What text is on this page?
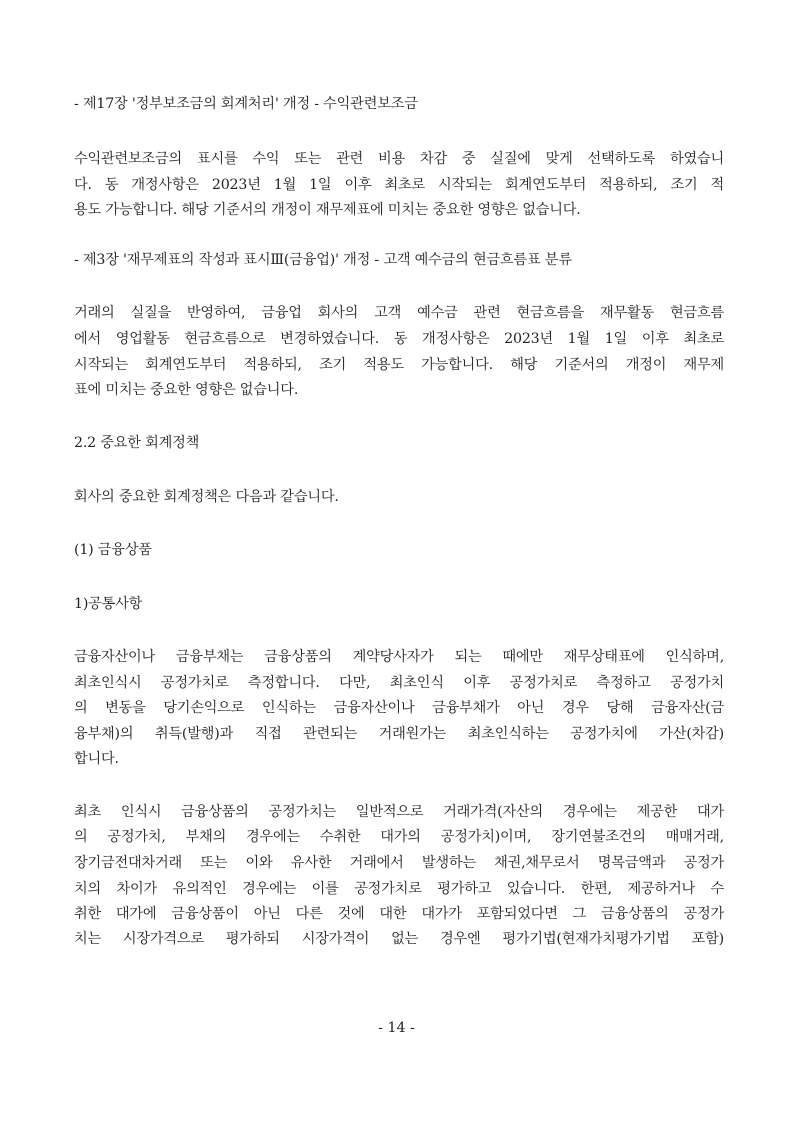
- 제17장 '정부보조금의 회계처리' 개정 - 수익관련보조금
수익관련보조금의 표시를 수익 또는 관련 비용 차감 중 실질에 맞게 선택하도록 하였습니
다. 동 개정사항은 2023년 1월 1일 이후 최초로 시작되는 회계연도부터 적용하되, 조기 적
용도 가능합니다. 해당 기준서의 개정이 재무제표에 미치는 중요한 영향은 없습니다.
- 제3장 '재무제표의 작성과 표시Ⅲ(금융업)' 개정 - 고객 예수금의 현금흐름표 분류
거래의 실질을 반영하여, 금융업 회사의 고객 예수금 관련 현금흐름을 재무활동 현금흐름
에서 영업활동 현금흐름으로 변경하였습니다. 동 개정사항은 2023년 1월 1일 이후 최초로
시작되는 회계연도부터 적용하되, 조기 적용도 가능합니다. 해당 기준서의 개정이 재무제
표에 미치는 중요한 영향은 없습니다.
2.2 중요한 회계정책
회사의 중요한 회계정책은 다음과 같습니다.
(1) 금융상품
1)공통사항
금융자산이나 금융부채는 금융상품의 계약당사자가 되는 때에만 재무상태표에 인식하며,
최초인식시 공정가치로 측정합니다. 다만, 최초인식 이후 공정가치로 측정하고 공정가치
의 변동을 당기손익으로 인식하는 금융자산이나 금융부채가 아닌 경우 당해 금융자산(금
융부채)의 취득(발행)과 직접 관련되는 거래원가는 최초인식하는 공정가치에 가산(차감)
합니다.
최초 인식시 금융상품의 공정가치는 일반적으로 거래가격(자산의 경우에는 제공한 대가
의 공정가치, 부채의 경우에는 수취한 대가의 공정가치)이며, 장기연불조건의 매매거래,
장기금전대차거래 또는 이와 유사한 거래에서 발생하는 채권,채무로서 명목금액과 공정가
치의 차이가 유의적인 경우에는 이를 공정가치로 평가하고 있습니다. 한편, 제공하거나 수
취한 대가에 금융상품이 아닌 다른 것에 대한 대가가 포함되었다면 그 금융상품의 공정가
치는 시장가격으로 평가하되 시장가격이 없는 경우엔 평가기법(현재가치평가기법 포함)
- 14 -
